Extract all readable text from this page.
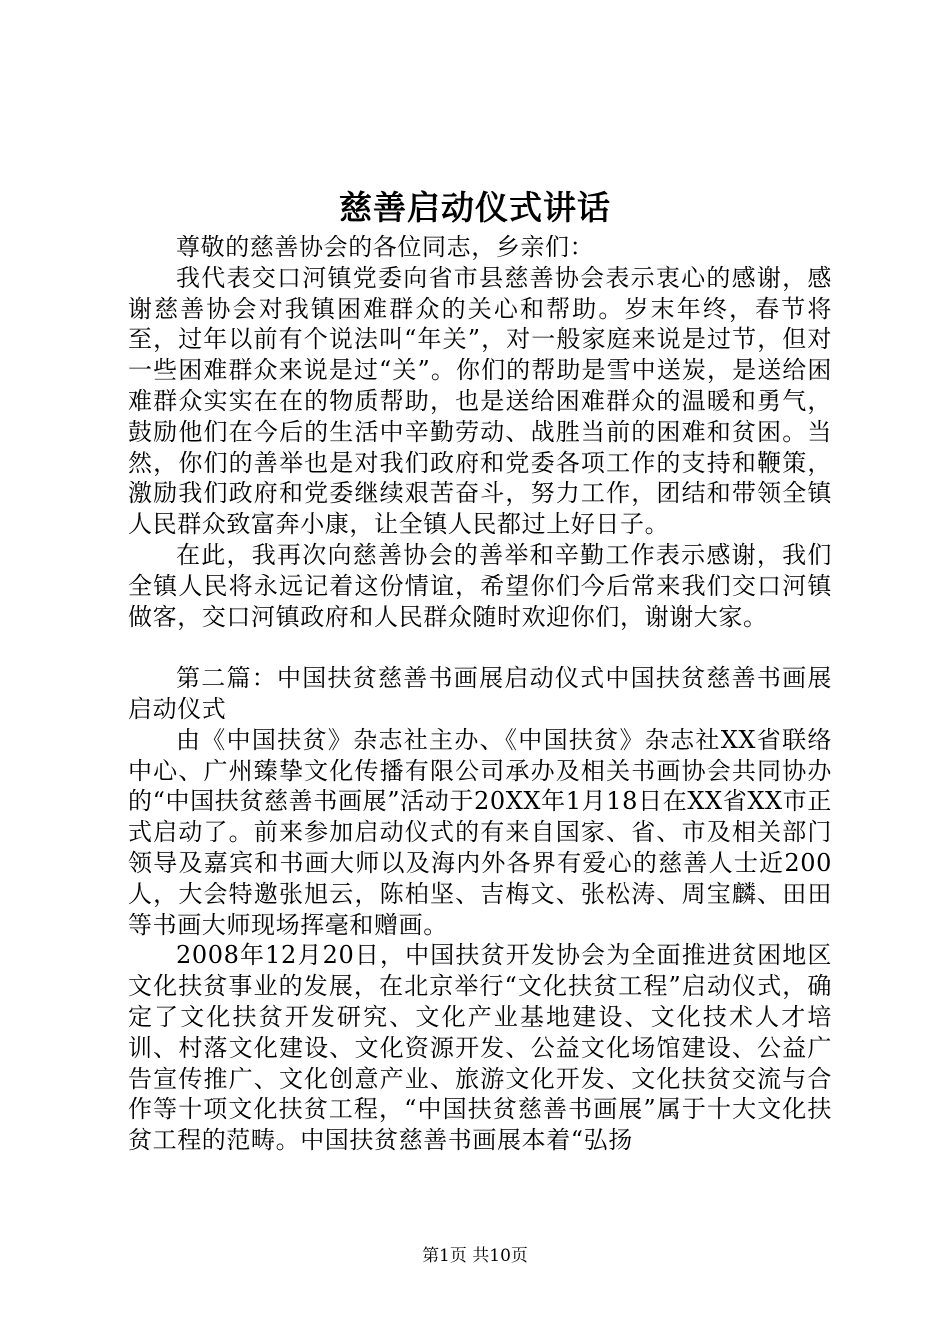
慈善启动仪式讲话

尊敬的慈善协会的各位同志，乡亲们：

我代表交口河镇党委向省市县慈善协会表示衷心的感谢，感谢慈善协会对我镇困难群众的关心和帮助。岁末年终，春节将至，过年以前有个说法叫“年关”，对一般家庭来说是过节，但对一些困难群众来说是过“关”。你们的帮助是雪中送炭，是送给困难群众实实在在的物质帮助，也是送给困难群众的温暖和勇气，鼓励他们在今后的生活中辛勤劳动、战胜当前的困难和贫困。当然，你们的善举也是对我们政府和党委各项工作的支持和鞭策，激励我们政府和党委继续艰苦奋斗，努力工作，团结和带领全镇人民群众致富奔小康，让全镇人民都过上好日子。

在此，我再次向慈善协会的善举和辛勤工作表示感谢，我们全镇人民将永远记着这份情谊，希望你们今后常来我们交口河镇做客，交口河镇政府和人民群众随时欢迎你们，谢谢大家。

第二篇：中国扶贫慈善书画展启动仪式中国扶贫慈善书画展启动仪式

由《中国扶贫》杂志社主办、《中国扶贫》杂志社XX省联络中心、广州臻挚文化传播有限公司承办及相关书画协会共同协办的“中国扶贫慈善书画展”活动于20XX年1月18日在XX省XX市正式启动了。前来参加启动仪式的有来自国家、省、市及相关部门领导及嘉宾和书画大师以及海内外各界有爱心的慈善人士近200人，大会特邀张旭云，陈柏坚、吉梅文、张松涛、周宝麟、田田等书画大师现场挥毫和赠画。

2008年12月20日，中国扶贫开发协会为全面推进贫困地区文化扶贫事业的发展，在北京举行“文化扶贫工程”启动仪式，确定了文化扶贫开发研究、文化产业基地建设、文化技术人才培训、村落文化建设、文化资源开发、公益文化场馆建设、公益广告宣传推广、文化创意产业、旅游文化开发、文化扶贫交流与合作等十项文化扶贫工程，“中国扶贫慈善书画展”属于十大文化扶贫工程的范畴。中国扶贫慈善书画展本着“弘扬

第1页 共10页
